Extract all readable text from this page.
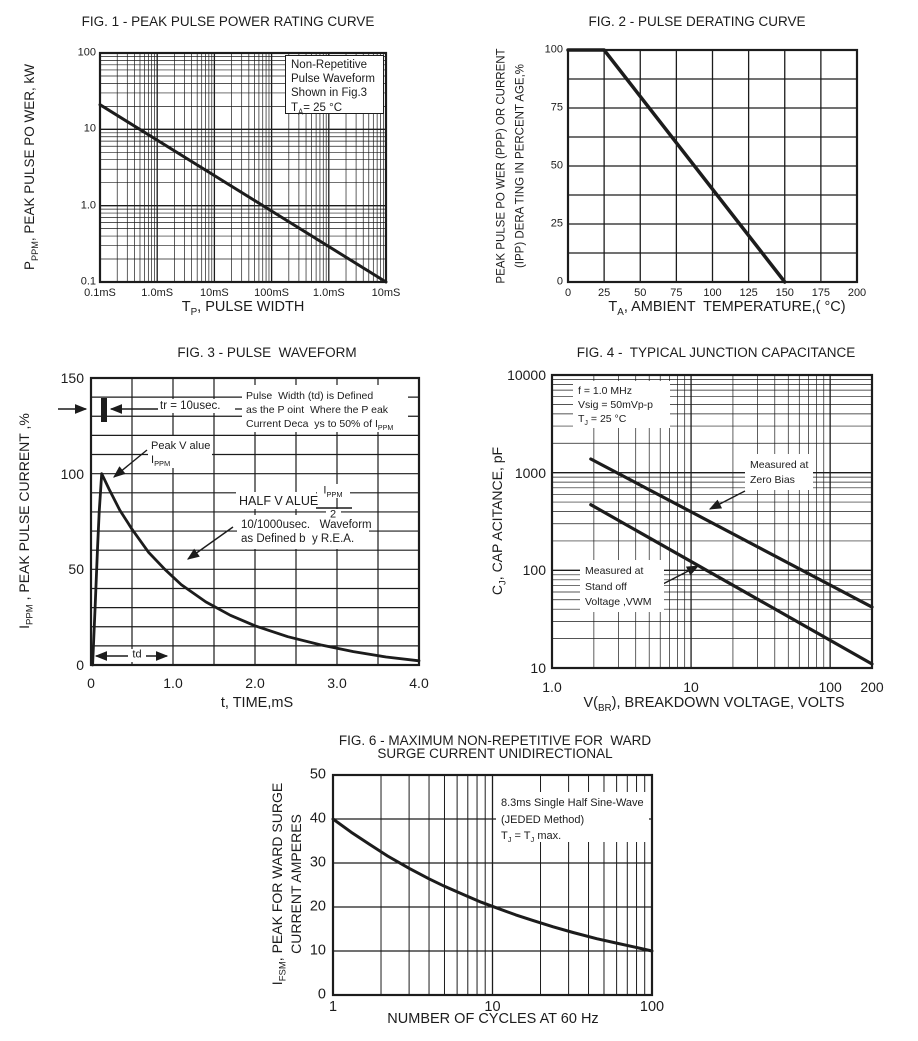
FIG. 1 - PEAK PULSE POWER RATING CURVE
0.1mS 1.0mS 10mS 100mS 1.0mS 10mS
100
10
1.0
0.1
Non-Repetitive
Pulse Waveform
Shown in Fig.3
$T_A= 25$ °C
$T_P$, PULSE WIDTH
$P_{PPM}$, PEAK PULSE PO WER, kW
FIG. 2 - PULSE DERATING CURVE
0 25 50 75 100 125 150 175 200
100
75
50
25
0
$T_A$, AMBIENT  TEMPERATURE,( °C)
PEAK PULSE PO WER (PPP) OR CURRENT (IPP) DERA TING IN PERCENT AGE,%
FIG. 3 - PULSE  WAVEFORM
0	1.0	2.0	3.0	4.0
150
100
50
0
tr = 10usec.
Pulse  Width (td) is Defined
as the P oint  Where the P eak
Current Deca  ys to 50% of $I_{PPM}$
Peak V alue
$I_{PPM}$
HALF V ALUE
$I_{PPM}$
2
10/1000usec.   Waveform
as Defined b  y R.E.A.
td
t, TIME,mS
$I_{PPM}$ , PEAK PULSE CURRENT ,%
FIG. 4 -  TYPICAL JUNCTION CAPACITANCE
1.0	10	100 200
10000
1000
100
10
f = 1.0 MHz
Vsig = 50mVp-p
$T_J = 25$ °C
Measured at
Zero Bias
Measured at
Stand off
Voltage ,VWM
$V(_{BR})$, BREAKDOWN VOLTAGE, VOLTS
$C_J$, CAP ACITANCE, pF
FIG. 6 - MAXIMUM NON-REPETITIVE FOR  WARD
SURGE CURRENT UNIDIRECTIONAL
1	10	100
50
40
30
20
10
0
8.3ms Single Half Sine-Wave
(JEDED Method)
$T_J = T_J$ max.
NUMBER OF CYCLES AT 60 Hz
$I_{FSM}$, PEAK FOR WARD SURGE CURRENT AMPERES
